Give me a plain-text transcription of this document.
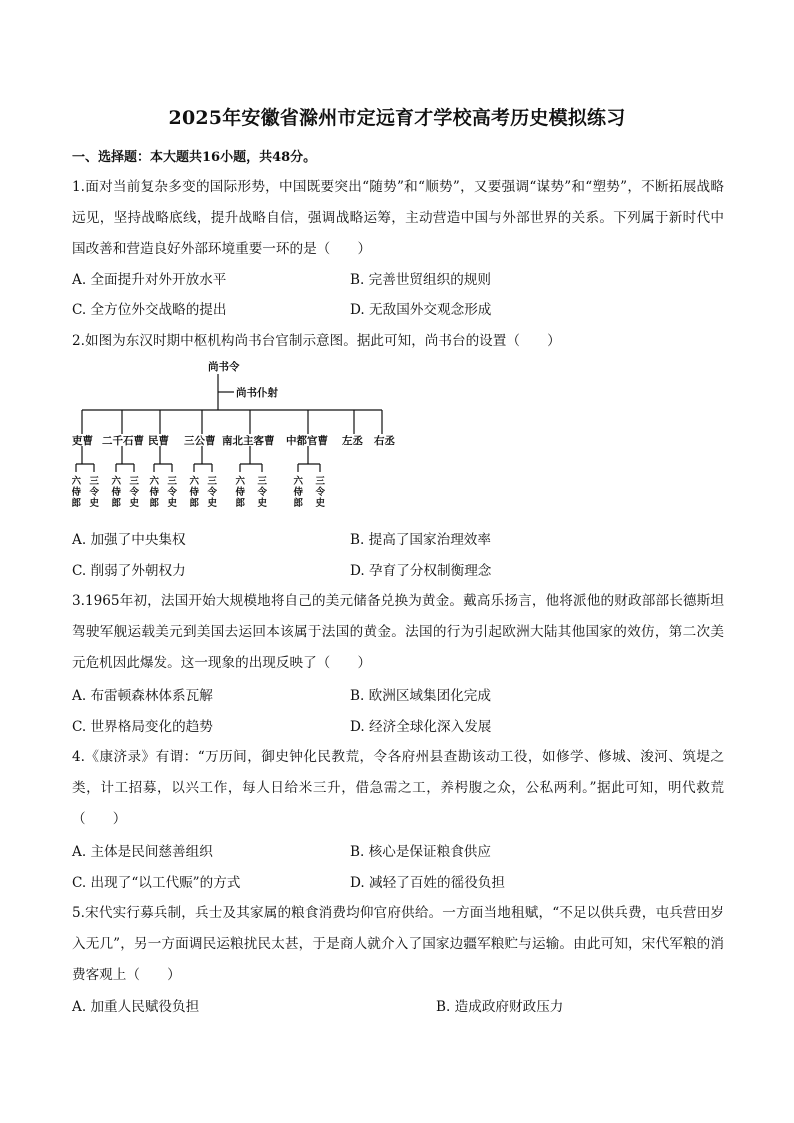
2025年安徽省滁州市定远育才学校高考历史模拟练习
一、选择题：本大题共16小题，共48分。
1.面对当前复杂多变的国际形势，中国既要突出“随势”和“顺势”，又要强调“谋势”和“塑势”，不断拓展战略远见，坚持战略底线，提升战略自信，强调战略运筹，主动营造中国与外部世界的关系。下列属于新时代中国改善和营造良好外部环境重要一环的是（　　）
A. 全面提升对外开放水平	B. 完善世贸组织的规则
C. 全方位外交战略的提出	D. 无敌国外交观念形成
2.如图为东汉时期中枢机构尚书台官制示意图。据此可知，尚书台的设置（　　）
尚书令
尚书仆射
吏曹 二千石曹 民曹 三公曹 南北主客曹 中都官曹 左丞 右丞
六
侍
郎
三
令
史
六
侍
郎
三
令
史
六
侍
郎
三
令
史
六
侍
郎
三
令
史
六
侍
郎
三
令
史
六
侍
郎
三
令
史
A. 加强了中央集权	B. 提高了国家治理效率
C. 削弱了外朝权力	D. 孕育了分权制衡理念
3.1965年初，法国开始大规模地将自己的美元储备兑换为黄金。戴高乐扬言，他将派他的财政部部长德斯坦驾驶军舰运载美元到美国去运回本该属于法国的黄金。法国的行为引起欧洲大陆其他国家的效仿，第二次美元危机因此爆发。这一现象的出现反映了（　　）
A. 布雷顿森林体系瓦解	B. 欧洲区域集团化完成
C. 世界格局变化的趋势	D. 经济全球化深入发展
4.《康济录》有谓：“万历间，御史钟化民教荒，令各府州县查勘该动工役，如修学、修城、浚河、筑堤之类，计工招募，以兴工作，每人日给米三升，借急需之工，养枵腹之众，公私两利。”据此可知，明代救荒（　　）
A. 主体是民间慈善组织	B. 核心是保证粮食供应
C. 出现了“以工代赈”的方式	D. 减轻了百姓的徭役负担
5.宋代实行募兵制，兵士及其家属的粮食消费均仰官府供给。一方面当地租赋，“不足以供兵费，屯兵营田岁入无几”，另一方面调民运粮扰民太甚，于是商人就介入了国家边疆军粮贮与运输。由此可知，宋代军粮的消费客观上（　　）
A. 加重人民赋役负担	B. 造成政府财政压力
